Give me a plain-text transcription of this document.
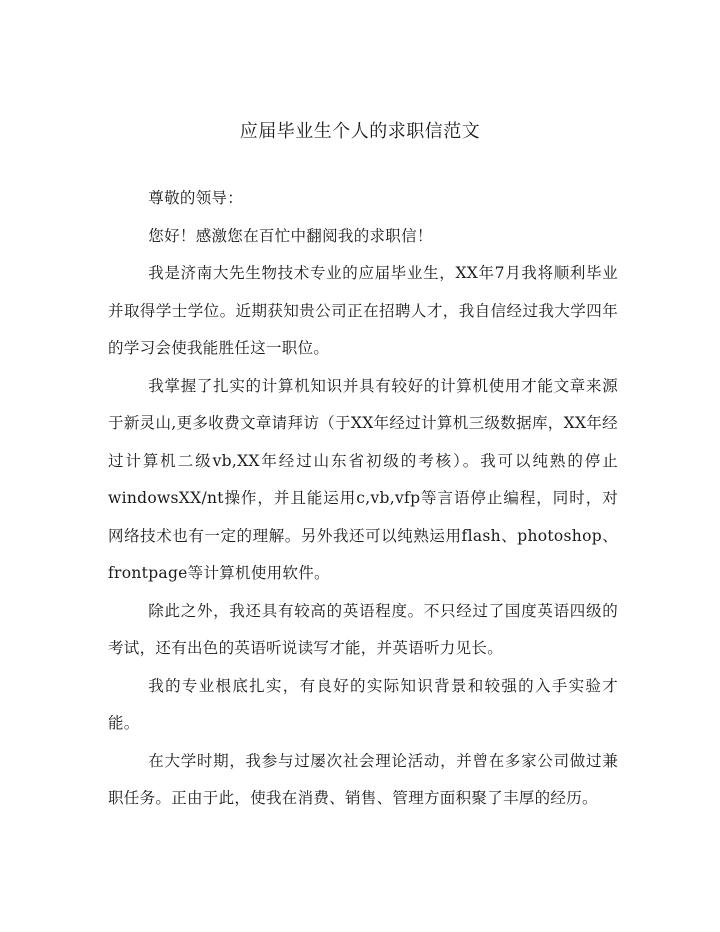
应届毕业生个人的求职信范文

尊敬的领导：

您好！感激您在百忙中翻阅我的求职信！

我是济南大先生物技术专业的应届毕业生，XX年7月我将顺利毕业并取得学士学位。近期获知贵公司正在招聘人才，我自信经过我大学四年的学习会使我能胜任这一职位。

我掌握了扎实的计算机知识并具有较好的计算机使用才能文章来源于新灵山,更多收费文章请拜访（于XX年经过计算机三级数据库，XX年经过计算机二级vb,XX年经过山东省初级的考核）。我可以纯熟的停止windowsXX/nt操作，并且能运用c,vb,vfp等言语停止编程，同时，对网络技术也有一定的理解。另外我还可以纯熟运用flash、photoshop、frontpage等计算机使用软件。

除此之外，我还具有较高的英语程度。不只经过了国度英语四级的考试，还有出色的英语听说读写才能，并英语听力见长。

我的专业根底扎实，有良好的实际知识背景和较强的入手实验才能。

在大学时期，我参与过屡次社会理论活动，并曾在多家公司做过兼职任务。正由于此，使我在消费、销售、管理方面积聚了丰厚的经历。
